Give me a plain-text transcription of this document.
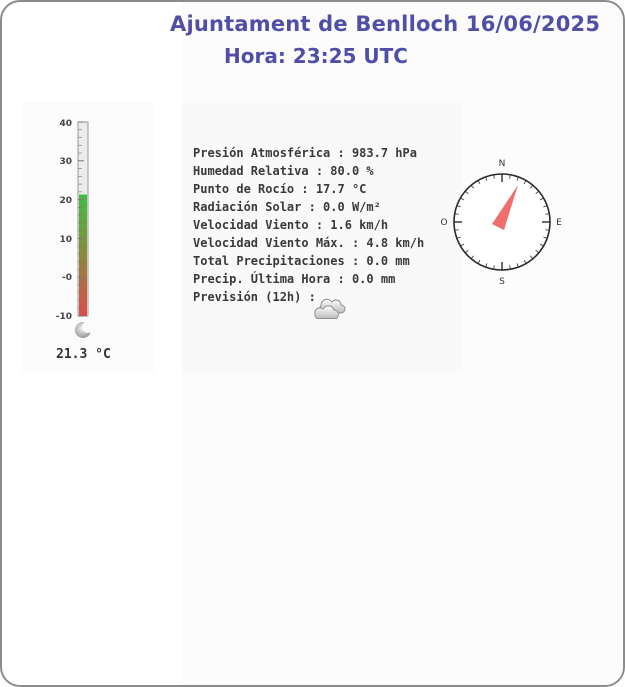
Ajuntament de Benlloch 16/06/2025
Hora: 23:25 UTC
40
30
20
10
-0
-10
21.3 °C
Presión Atmosférica : 983.7 hPa
Humedad Relativa : 80.0 %
Punto de Rocío : 17.7 °C
Radiación Solar : 0.0 W/m²
Velocidad Viento : 1.6 km/h
Velocidad Viento Máx. : 4.8 km/h
Total Precipitaciones : 0.0 mm
Precip. Última Hora : 0.0 mm
Previsión (12h) :
N
E
S
O
